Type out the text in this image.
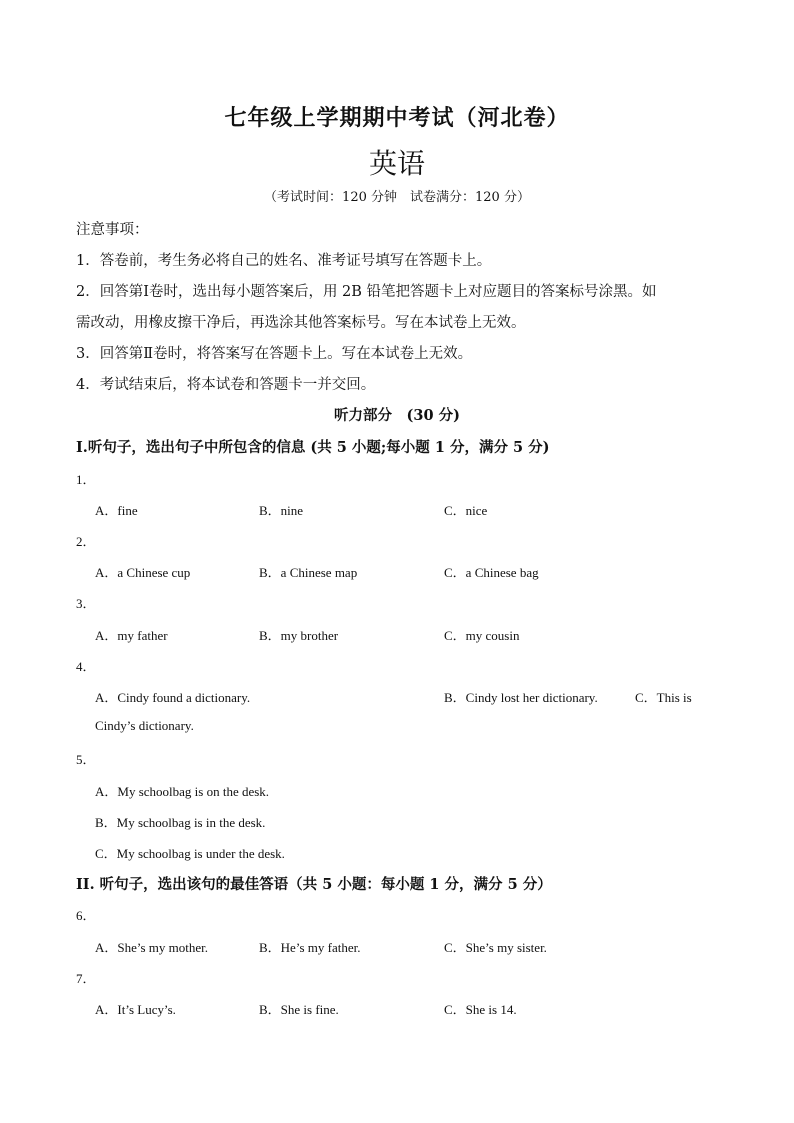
七年级上学期期中考试（河北卷）
英语
（考试时间：120 分钟　试卷满分：120 分）
注意事项：
1．答卷前，考生务必将自己的姓名、准考证号填写在答题卡上。
2．回答第Ⅰ卷时，选出每小题答案后，用 2B 铅笔把答题卡上对应题目的答案标号涂黑。如
需改动，用橡皮擦干净后，再选涂其他答案标号。写在本试卷上无效。
3．回答第Ⅱ卷时，将答案写在答题卡上。写在本试卷上无效。
4．考试结束后，将本试卷和答题卡一并交回。
听力部分　(30 分)
I.听句子，选出句子中所包含的信息 (共 5 小题;每小题 1 分，满分 5 分)
1．
A．fine	B．nine	C．nice
2．
A．a Chinese cup	B．a Chinese map	C．a Chinese bag
3．
A．my father	B．my brother	C．my cousin
4．
A．Cindy found a dictionary.	B．Cindy lost her dictionary.	C．This is
Cindy’s dictionary.
5．
A．My schoolbag is on the desk.
B．My schoolbag is in the desk.
C．My schoolbag is under the desk.
II. 听句子，选出该句的最佳答语（共 5 小题：每小题 1 分，满分 5 分）
6．
A．She’s my mother.	B．He’s my father.	C．She’s my sister.
7．
A．It’s Lucy’s.	B．She is fine.	C．She is 14.
